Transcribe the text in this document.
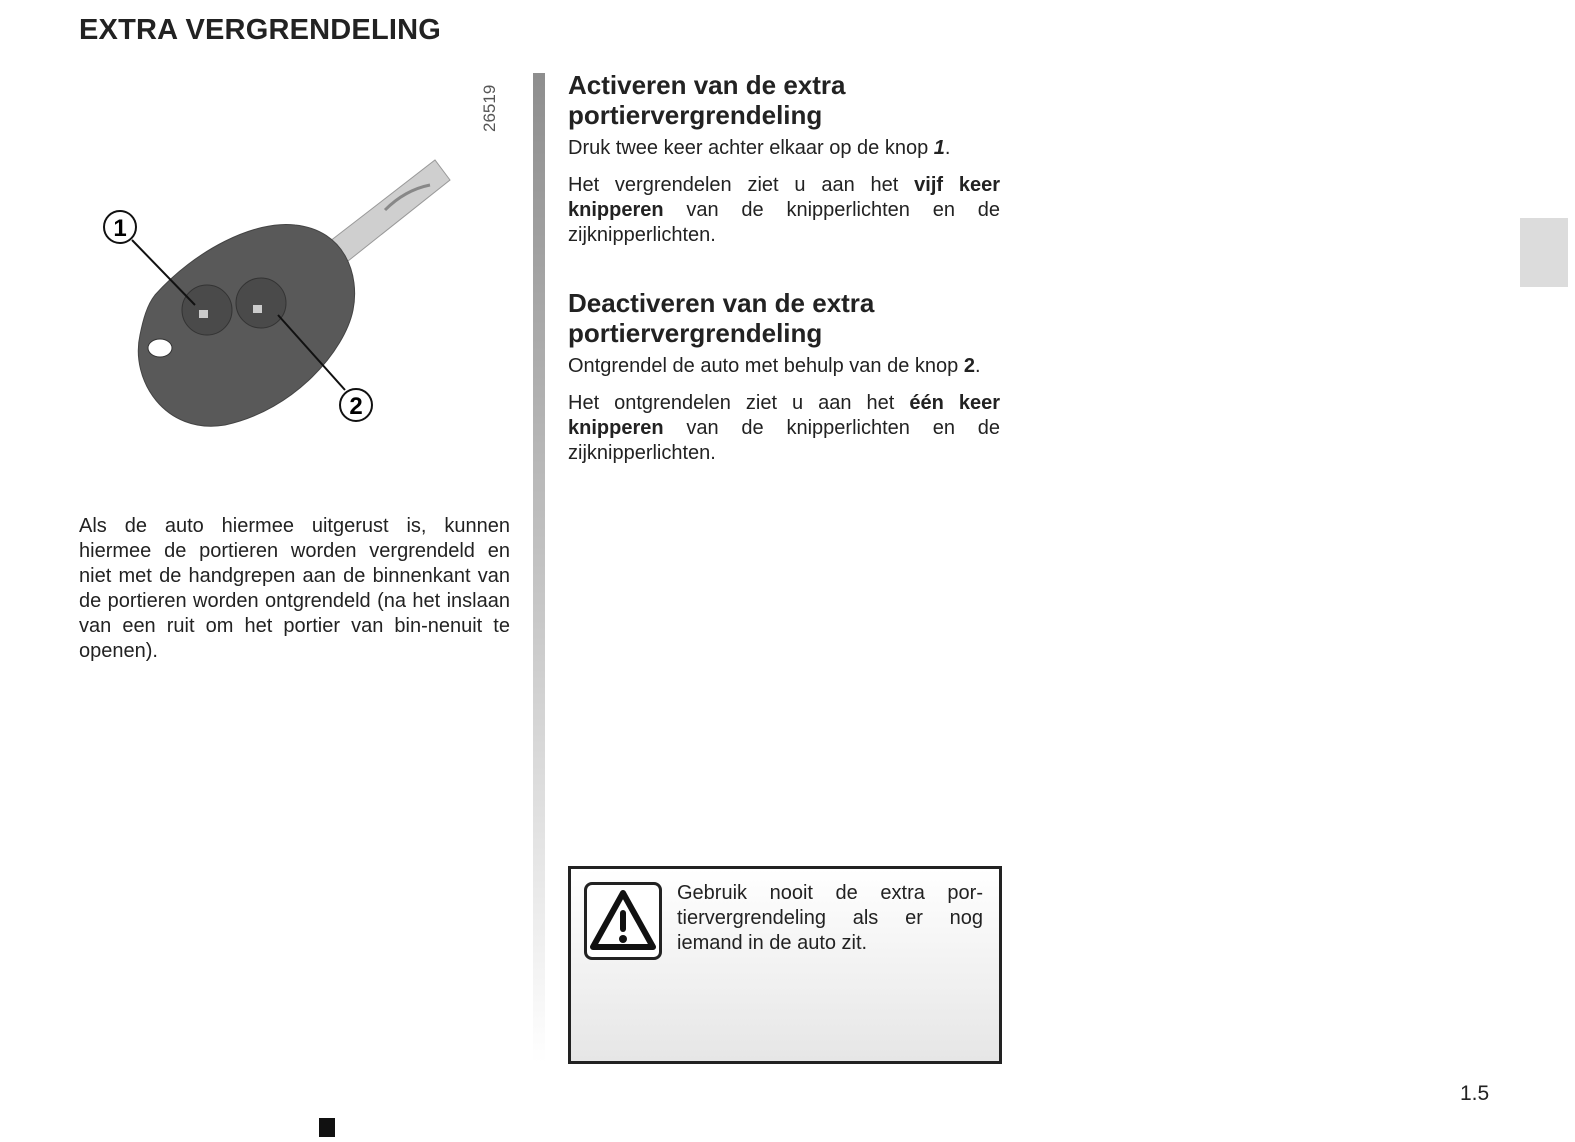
EXTRA VERGRENDELING
26519
1
2

Als de auto hiermee uitgerust is, kunnen hiermee de portieren worden vergrendeld en niet met de handgrepen aan de binnenkant van de portieren worden ontgrendeld (na het inslaan van een ruit om het portier van bin-nenuit te openen).

Activeren van de extra portiervergrendeling

Druk twee keer achter elkaar op de knop 1.

Het vergrendelen ziet u aan het vijf keer knipperen van de knipperlichten en de zijknipperlichten.

Deactiveren van de extra portiervergrendeling

Ontgrendel de auto met behulp van de knop 2.

Het ontgrendelen ziet u aan het één keer knipperen van de knipperlichten en de zijknipperlichten.

Gebruik nooit de extra por-tiervergrendeling als er nog iemand in de auto zit.

1.5
